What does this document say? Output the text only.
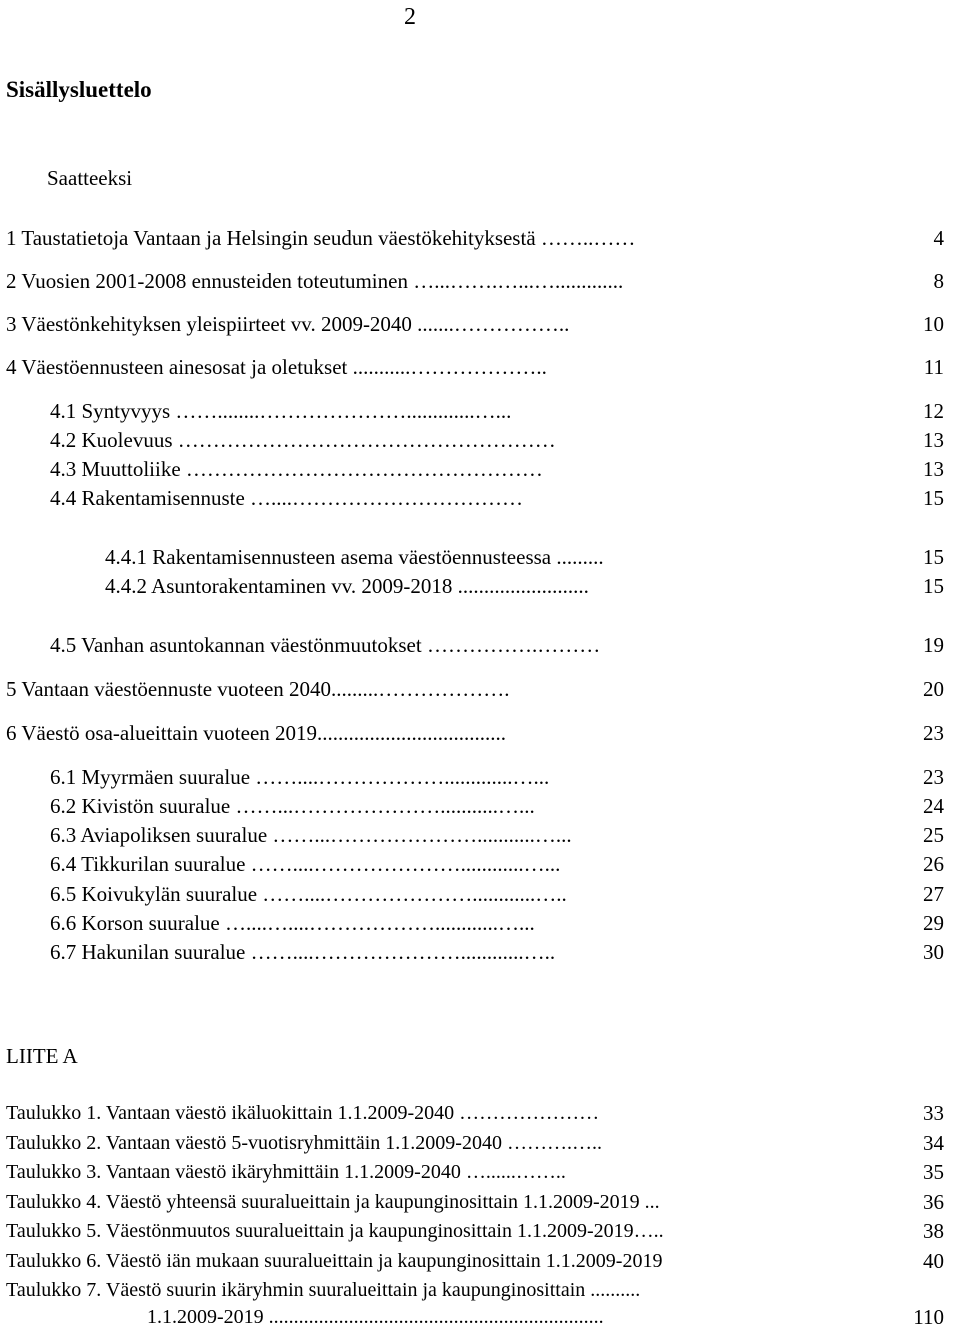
2
Sisällysluettelo
Saatteeksi
1 Taustatietoja Vantaan ja Helsingin seudun väestökehityksestä ……..……	4
2 Vuosien 2001-2008 ennusteiden toteutuminen …...…….…...….............	8
3 Väestönkehityksen yleispiirteet vv. 2009-2040 .......……………..	10
4 Väestöennusteen ainesosat ja oletukset ...........………………..	11
4.1 Syntyvyys ……........………………….............…...	12
4.2 Kuolevuus ………………………………………………	13
4.3 Muuttoliike ……………………………………………	13
4.4 Rakentamisennuste …....……………………………	15
4.4.1 Rakentamisennusteen asema väestöennusteessa .........	15
4.4.2 Asuntorakentaminen vv. 2009-2018 .........................	15
4.5 Vanhan asuntokannan väestönmuutokset …………….………	19
5 Vantaan väestöennuste vuoteen 2040.........……………….	20
6 Väestö osa-alueittain vuoteen 2019....................................	23
6.1 Myyrmäen suuralue ……....……………….............…...	23
6.2 Kivistön suuralue ……...…………………...........…...	24
6.3 Aviapoliksen suuralue ……...…………………...........…...	25
6.4 Tikkurilan suuralue ……....…………………............…...	26
6.5 Koivukylän suuralue ……....…………………............…..	27
6.6 Korson suuralue …....…....………………............…...	29
6.7 Hakunilan suuralue ……....…………………............…..	30
LIITE A
Taulukko 1. Vantaan väestö ikäluokittain 1.1.2009-2040 …………………	33
Taulukko 2. Vantaan väestö 5-vuotisryhmittäin 1.1.2009-2040 ……….…..	34
Taulukko 3. Vantaan väestö ikäryhmittäin 1.1.2009-2040 …......……..	35
Taulukko 4. Väestö yhteensä suuralueittain ja kaupunginosittain 1.1.2009-2019 ...	36
Taulukko 5. Väestönmuutos suuralueittain ja kaupunginosittain 1.1.2009-2019…..	38
Taulukko 6. Väestö iän mukaan suuralueittain ja kaupunginosittain 1.1.2009-2019	40
Taulukko 7. Väestö suurin ikäryhmin suuralueittain ja kaupunginosittain ..........
1.1.2009-2019 ...................................................................	110
